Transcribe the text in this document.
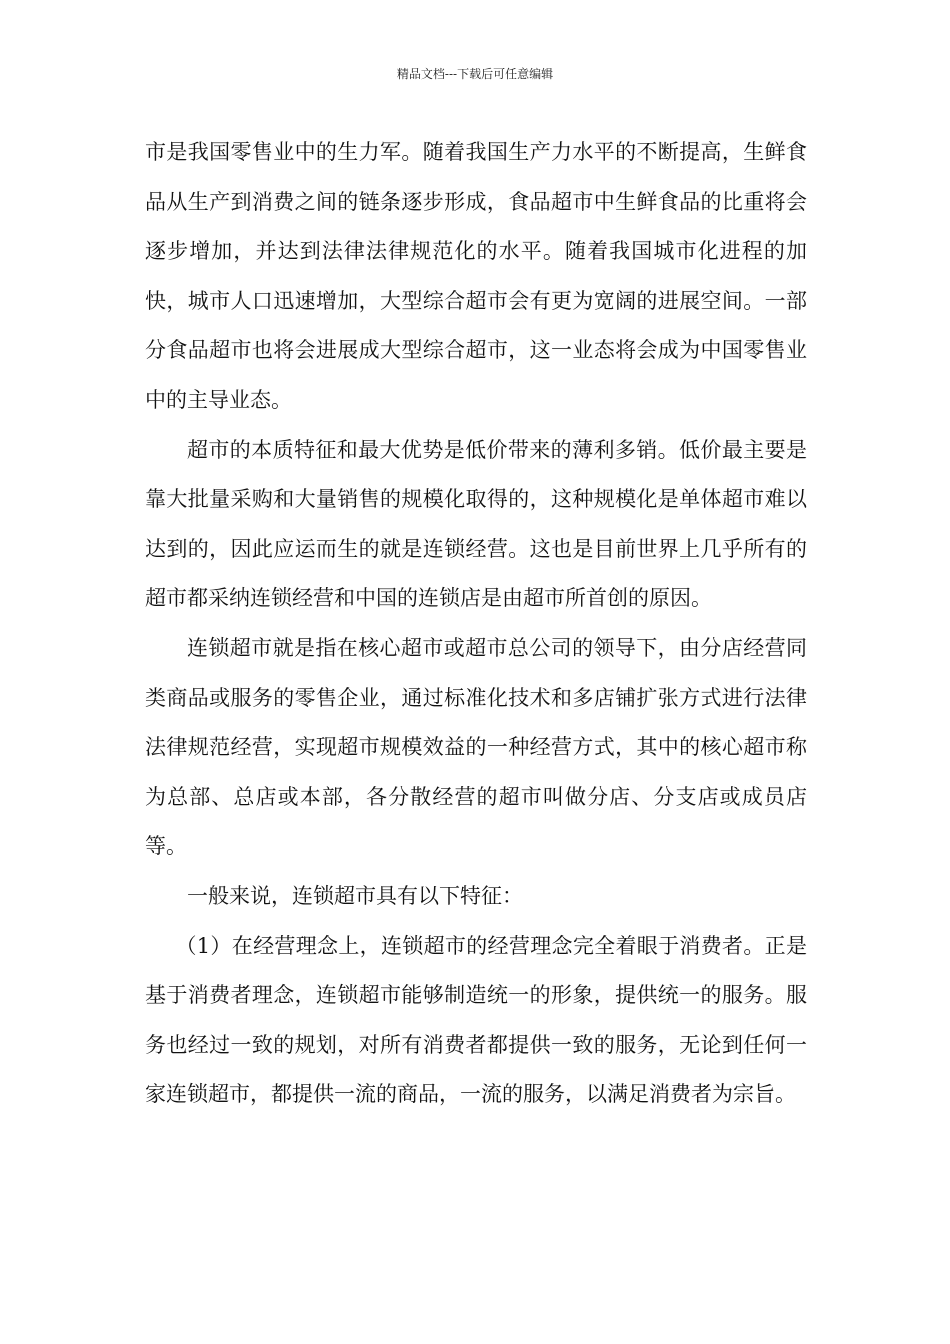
精品文档---下载后可任意编辑

市是我国零售业中的生力军。随着我国生产力水平的不断提高，生鲜食品从生产到消费之间的链条逐步形成，食品超市中生鲜食品的比重将会逐步增加，并达到法律法律规范化的水平。随着我国城市化进程的加快，城市人口迅速增加，大型综合超市会有更为宽阔的进展空间。一部分食品超市也将会进展成大型综合超市，这一业态将会成为中国零售业中的主导业态。

超市的本质特征和最大优势是低价带来的薄利多销。低价最主要是靠大批量采购和大量销售的规模化取得的，这种规模化是单体超市难以达到的，因此应运而生的就是连锁经营。这也是目前世界上几乎所有的超市都采纳连锁经营和中国的连锁店是由超市所首创的原因。

连锁超市就是指在核心超市或超市总公司的领导下，由分店经营同类商品或服务的零售企业，通过标准化技术和多店铺扩张方式进行法律法律规范经营，实现超市规模效益的一种经营方式，其中的核心超市称为总部、总店或本部，各分散经营的超市叫做分店、分支店或成员店等。

一般来说，连锁超市具有以下特征：

（1）在经营理念上，连锁超市的经营理念完全着眼于消费者。正是基于消费者理念，连锁超市能够制造统一的形象，提供统一的服务。服务也经过一致的规划，对所有消费者都提供一致的服务，无论到任何一家连锁超市，都提供一流的商品，一流的服务，以满足消费者为宗旨。
